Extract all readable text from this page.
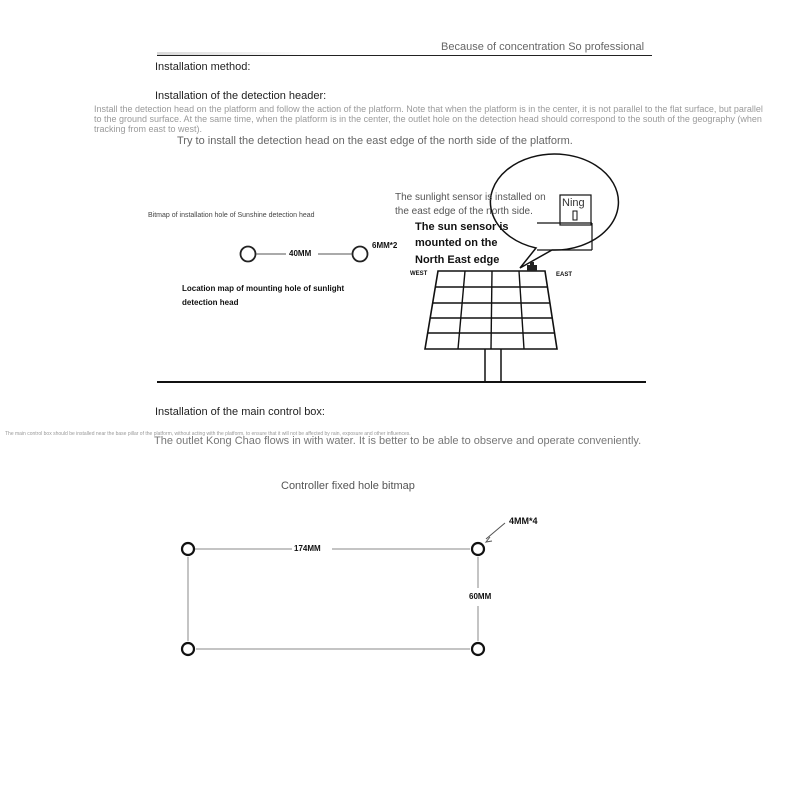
Because of concentration So professional
Installation method:
Installation of the detection header:
Install the detection head on the platform and follow the action of the platform. Note that when the platform is in the center, it is not parallel to the flat surface, but parallel to the ground surface. At the same time, when the platform is in the center, the outlet hole on the detection head should correspond to the south of the geography (when tracking from east to west).
Try to install the detection head on the east edge of the north side of the platform.
Bitmap of installation hole of Sunshine detection head
40MM
6MM*2
Location map of mounting hole of sunlight
detection head
The sunlight sensor is installed on
the east edge of the north side.
Ning
The sun sensor is
mounted on the
North East edge
WEST	EAST
Installation of the main control box:
The main control box should be installed near the base pillar of the platform, without acting with the platform, to ensure that it will not be affected by rain, exposure and other influences.
The outlet Kong Chao flows in with water. It is better to be able to observe and operate conveniently.
Controller fixed hole bitmap
4MM*4
174MM
60MM
